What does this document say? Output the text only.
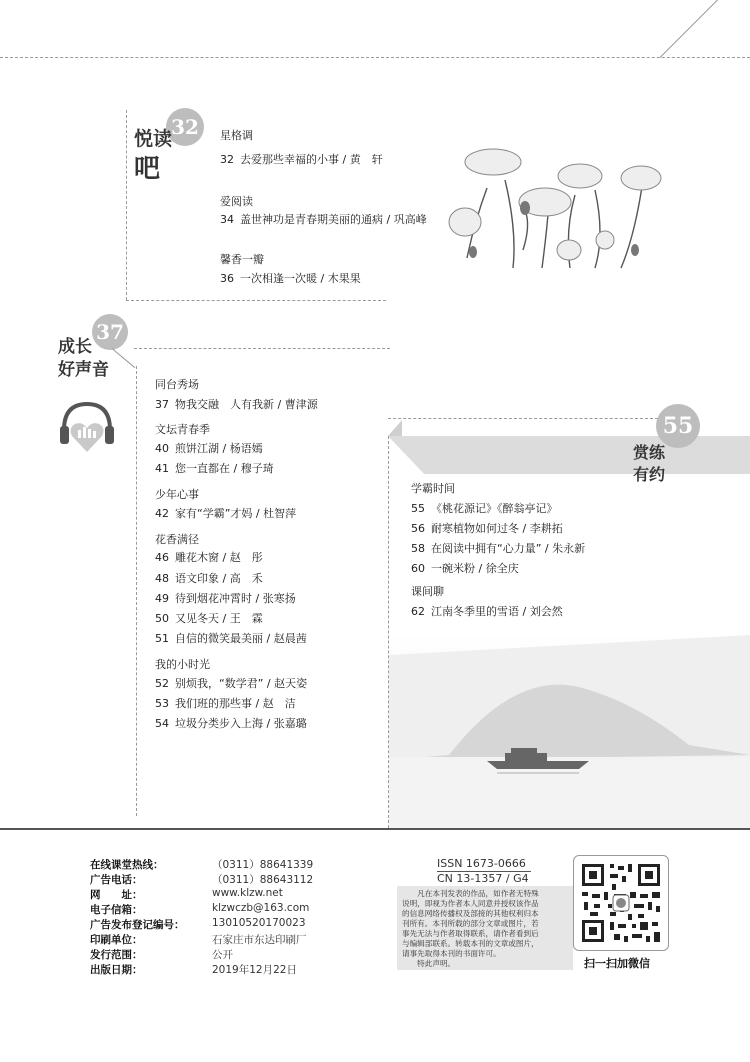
32
悦读
吧
星格调
32 去爱那些幸福的小事 / 黄　轩
爱阅读
34 盖世神功是青春期美丽的通病 / 巩高峰
馨香一瓣
36 一次相逢一次暖 / 木果果
37
成长
好声音
同台秀场
37 物我交融　人有我新 / 曹津源
文坛青春季
40 煎饼江湖 / 杨语嫣
41 您一直都在 / 穆子琦
少年心事
42 家有“学霸”才妈 / 杜智萍
花香满径
46 雕花木窗 / 赵　彤
48 语文印象 / 高　禾
49 待到烟花冲霄时 / 张寒扬
50 又见冬天 / 王　霖
51 自信的微笑最美丽 / 赵晨茜
我的小时光
52 别烦我，“数学君” / 赵天姿
53 我们班的那些事 / 赵　洁
54 垃圾分类步入上海 / 张嘉璐
55
赏练
有约
学霸时间
55 《桃花源记》《醉翁亭记》
56 耐寒植物如何过冬 / 李耕拓
58 在阅读中拥有“心力量” / 朱永新
60 一碗米粉 / 徐全庆
课间聊
62 江南冬季里的雪语 / 刘会然
在线课堂热线：	（0311）88641339
广告电话：	（0311）88643112
网　　址：	www.klzw.net
电子信箱：	klzwczb@163.com
广告发布登记编号：	13010520170023
印刷单位：	石家庄市东达印刷厂
发行范围：	公开
出版日期：	2019年12月22日
ISSN 1673-0666
CN 13-1357 / G4
　　凡在本刊发表的作品，如作者无特殊
说明，即视为作者本人同意并授权该作品
的信息网络传播权及部接的其他权利归本
刊所有。本刊所载的部分文章或图片，若
事先无法与作者取得联系，请作者看到后
与编辑部联系。转载本刊的文章或图片，
请事先取得本刊的书面许可。
　　特此声明。	扫一扫加微信
